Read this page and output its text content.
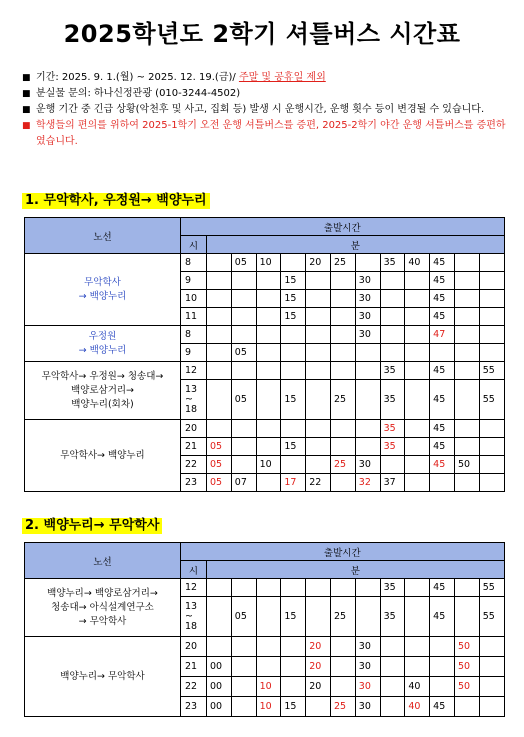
2025학년도 2학기 셔틀버스 시간표
■ 기간: 2025. 9. 1.(월) ~ 2025. 12. 19.(금)/ 주말 및 공휴일 제외
■ 분실물 문의: 하나신정관광 (010-3244-4502)
■ 운행 기간 중 긴급 상황(악천후 및 사고, 집회 등) 발생 시 운행시간, 운행 횟수 등이 변경될 수 있습니다.
■ 학생들의 편의를 위하여 2025-1학기 오전 운행 셔틀버스를 증편, 2025-2학기 야간 운행 셔틀버스를 증편하였습니다.
1. 무악학사, 우정원→ 백양누리
노선	출발시간												
	시	분											

무악학사
→ 백양누리	8		05	10		20	25		35	40	45		
	9				15			30			45		
	10				15			30			45		
	11				15			30			45		

우정원
→ 백양누리	8							30			47		
	9		05										

무악학사→ 우정원→ 청송대→
백양로삼거리→
백양누리(회차)	12								35		45		55

	13
~
18		05		15		25		35		45		55

무악학사→ 백양누리	20								35		45		
	21	05			15				35		45		
	22	05		10			25	30			45	50	
	23	05	07		17	22		32	37				
2. 백양누리→ 무악학사
노선	출발시간												
	시	분											

백양누리→ 백양로삼거리→
청송대→ 아식설계연구소
→ 무악학사	12								35		45		55

	13
~
18		05		15		25		35		45		55

백양누리→ 무악학사	20					20		30				50	
	21	00				20		30				50	
	22	00		10		20		30		40		50	
	23	00		10	15		25	30		40	45		
